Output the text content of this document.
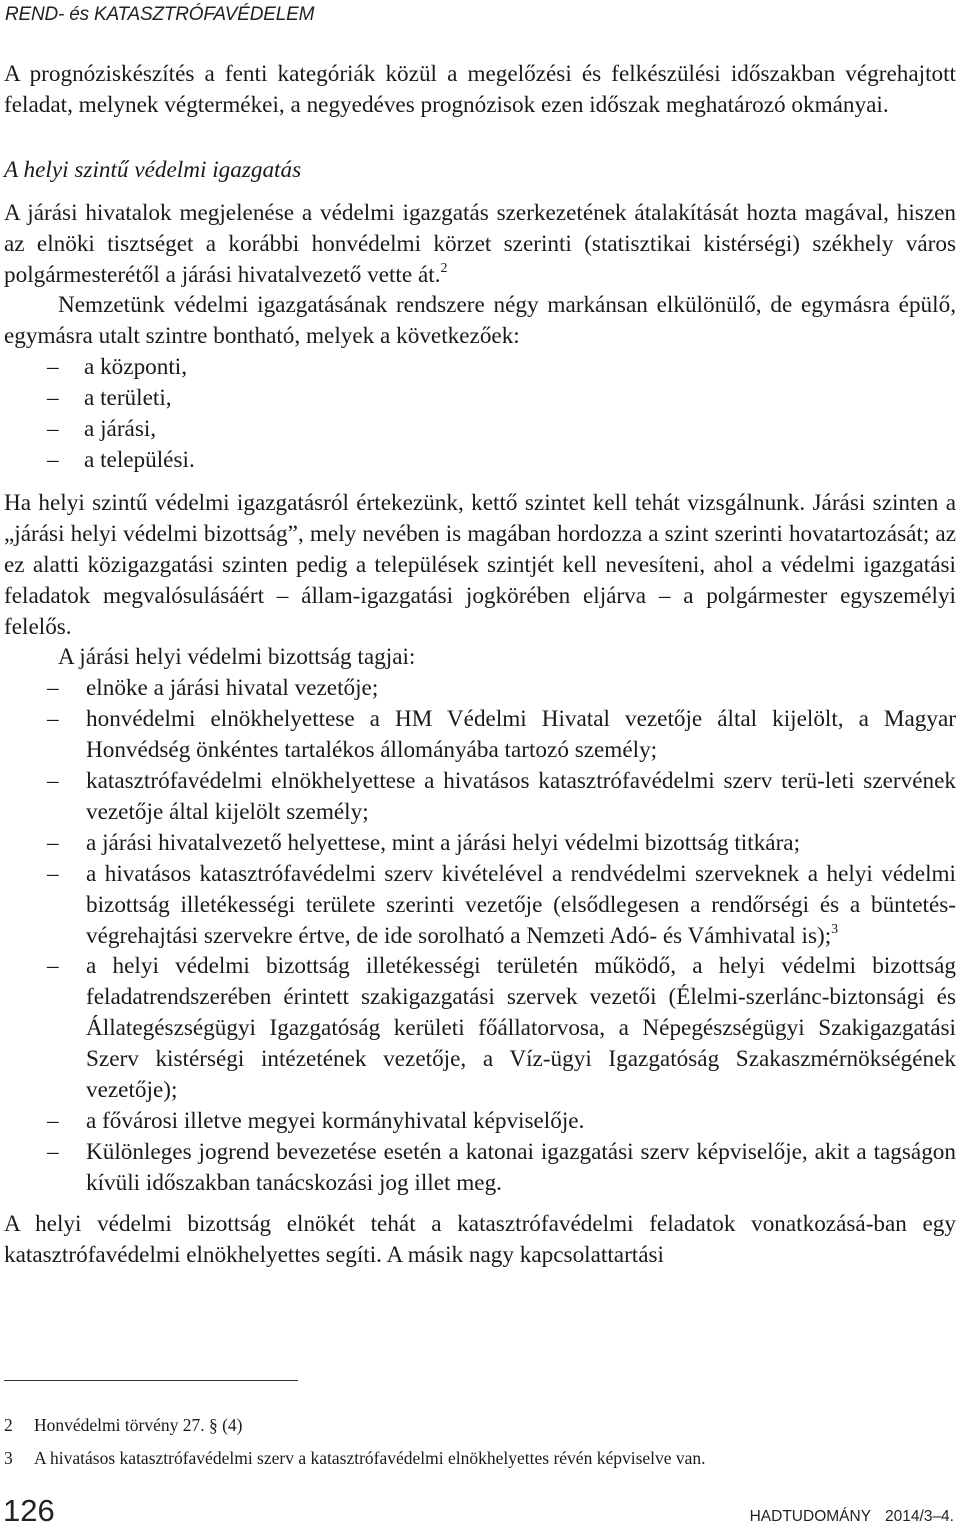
REND- és KATASZTRÓFAVÉDELEM

A prognóziskészítés a fenti kategóriák közül a megelőzési és felkészülési időszakban végrehajtott feladat, melynek végtermékei, a negyedéves prognózisok ezen időszak meghatározó okmányai.

A helyi szintű védelmi igazgatás

A járási hivatalok megjelenése a védelmi igazgatás szerkezetének átalakítását hozta magával, hiszen az elnöki tisztséget a korábbi honvédelmi körzet szerinti (statisztikai kistérségi) székhely város polgármesterétől a járási hivatalvezető vette át.$^2$

Nemzetünk védelmi igazgatásának rendszere négy markánsan elkülönülő, de egymásra épülő, egymásra utalt szintre bontható, melyek a következőek:

– a központi,
– a területi,
– a járási,
– a települési.

Ha helyi szintű védelmi igazgatásról értekezünk, kettő szintet kell tehát vizsgálnunk. Járási szinten a „járási helyi védelmi bizottság”, mely nevében is magában hordozza a szint szerinti hovatartozását; az ez alatti közigazgatási szinten pedig a települések szintjét kell nevesíteni, ahol a védelmi igazgatási feladatok megvalósulásáért – állam-igazgatási jogkörében eljárva – a polgármester egyszemélyi felelős.

A járási helyi védelmi bizottság tagjai:

– elnöke a járási hivatal vezetője;
– honvédelmi elnökhelyettese a HM Védelmi Hivatal vezetője által kijelölt, a Magyar Honvédség önkéntes tartalékos állományába tartozó személy;
– katasztrófavédelmi elnökhelyettese a hivatásos katasztrófavédelmi szerv terü-leti szervének vezetője által kijelölt személy;
– a járási hivatalvezető helyettese, mint a járási helyi védelmi bizottság titkára;
– a hivatásos katasztrófavédelmi szerv kivételével a rendvédelmi szerveknek a helyi védelmi bizottság illetékességi területe szerinti vezetője (elsődlegesen a rendőrségi és a büntetés-végrehajtási szervekre értve, de ide sorolható a Nemzeti Adó- és Vámhivatal is);$^3$
– a helyi védelmi bizottság illetékességi területén működő, a helyi védelmi bizottság feladatrendszerében érintett szakigazgatási szervek vezetői (Élelmi-szerlánc-biztonsági és Állategészségügyi Igazgatóság kerületi főállatorvosa, a Népegészségügyi Szakigazgatási Szerv kistérségi intézetének vezetője, a Víz-ügyi Igazgatóság Szakaszmérnökségének vezetője);
– a fővárosi illetve megyei kormányhivatal képviselője.
– Különleges jogrend bevezetése esetén a katonai igazgatási szerv képviselője, akit a tagságon kívüli időszakban tanácskozási jog illet meg.

A helyi védelmi bizottság elnökét tehát a katasztrófavédelmi feladatok vonatkozásá-ban egy katasztrófavédelmi elnökhelyettes segíti. A másik nagy kapcsolattartási

2	Honvédelmi törvény 27. § (4)
3	A hivatásos katasztrófavédelmi szerv a katasztrófavédelmi elnökhelyettes révén képviselve van.
126	HADTUDOMÁNY 2014/3–4.
